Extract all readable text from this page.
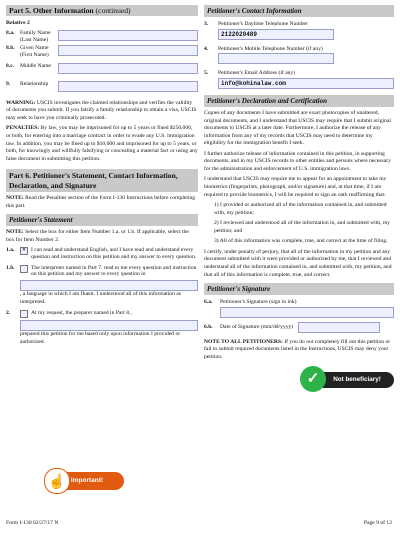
Part 5. Other Information (continued)
Relative 2
8.a.	Family Name (Last Name)
8.b. Given Name (First Name)
8.c.	Middle Name
9.	Relationship

WARNING: USCIS investigates the claimed relationships and verifies the validity of documents you submit. If you falsify a family relationship to obtain a visa, USCIS may seek to have you criminally prosecuted.

PENALTIES: By law, you may be imprisoned for up to 5 years or fined $250,000, or both, for entering into a marriage contract in order to evade any U.S. immigration law. In addition, you may be fined up to $10,000 and imprisoned for up to 5 years, or both, for knowingly and willfully falsifying or concealing a material fact or using any false document in submitting this petition.

Part 6. Petitioner's Statement, Contact Information, Declaration, and Signature

NOTE: Read the Penalties section of the Form I-130 Instructions before completing this part.

Petitioner's Statement

NOTE: Select the box for either Item Number 1.a. or 1.b. If applicable, select the box for Item Number 2.

1.a.	✕ I can read and understand English, and I have read and understand every question and instruction on this petition and my answer to every question.
1.b.	The interpreter named in Part 7. read to me every question and instruction on this petition and my answer to every question in
, a language in which I am fluent. I understood all of this information as interpreted.
2.	At my request, the preparer named in Part 8.,
prepared this petition for me based only upon information I provided or authorized.
☝ Important!
Petitioner's Contact Information
3.	Petitioner's Daytime Telephone Number
2122020489
4.	Petitioner's Mobile Telephone Number (if any)
5.	Petitioner's Email Address (if any)
info@kohinalaw.com
Petitioner's Declaration and Certification

Copies of any documents I have submitted are exact photocopies of unaltered, original documents, and I understand that USCIS may require that I submit original documents to USCIS at a later date. Furthermore, I authorize the release of any information from any of my records that USCIS may need to determine my eligibility for the immigration benefit I seek.

I further authorize release of information contained in this petition, in supporting documents, and in my USCIS records to other entities and persons where necessary for the administration and enforcement of U.S. immigration laws.

I understand that USCIS may require me to appear for an appointment to take my biometrics (fingerprints, photograph, and/or signature) and, at that time, if I am required to provide biometrics, I will be required to sign an oath reaffirming that:

1) I provided or authorized all of the information contained in, and submitted with, my petition;

2) I reviewed and understood all of the information in, and submitted with, my petition; and

3) All of this information was complete, true, and correct at the time of filing.

I certify, under penalty of perjury, that all of the information in my petition and any document submitted with it were provided or authorized by me, that I reviewed and understand all of the information contained in, and submitted with, my petition, and that all of this information is complete, true, and correct.

Petitioner's Signature
6.a.	Petitioner's Signature (sign in ink)
6.b.	Date of Signature (mm/dd/yyyy)

NOTE TO ALL PETITIONERS: If you do not completely fill out this petition or fail to submit required documents listed in the Instructions, USCIS may deny your petition.

✓	Not beneficiary!
Form I-130 02/27/17 N	Page 9 of 12
